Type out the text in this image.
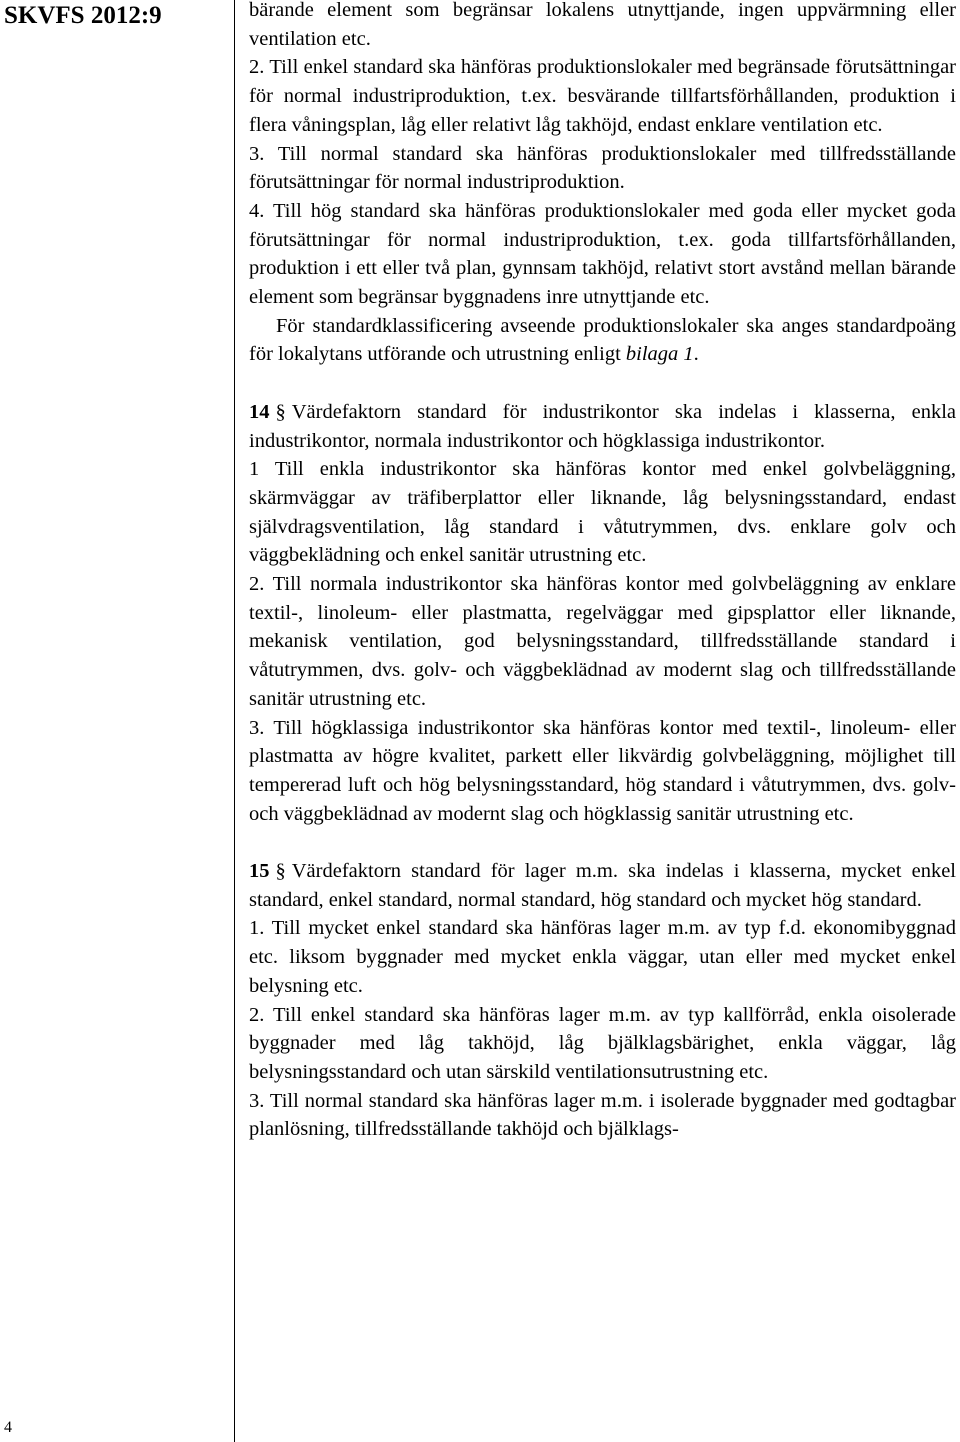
SKVFS 2012:9
4

bärande element som begränsar lokalens utnyttjande, ingen uppvärmning eller ventilation etc.

2. Till enkel standard ska hänföras produktionslokaler med begränsade förutsättningar för normal industriproduktion, t.ex. besvärande tillfartsförhållanden, produktion i flera våningsplan, låg eller relativt låg takhöjd, endast enklare ventilation etc.

3. Till normal standard ska hänföras produktionslokaler med tillfredsställande förutsättningar för normal industriproduktion.

4. Till hög standard ska hänföras produktionslokaler med goda eller mycket goda förutsättningar för normal industriproduktion, t.ex. goda tillfartsförhållanden, produktion i ett eller två plan, gynnsam takhöjd, relativt stort avstånd mellan bärande element som begränsar byggnadens inre utnyttjande etc.

För standardklassificering avseende produktionslokaler ska anges standardpoäng för lokalytans utförande och utrustning enligt bilaga 1.

14 § Värdefaktorn standard för industrikontor ska indelas i klasserna, enkla industrikontor, normala industrikontor och högklassiga industrikontor.

1 Till enkla industrikontor ska hänföras kontor med enkel golvbeläggning, skärmväggar av träfiberplattor eller liknande, låg belysningsstandard, endast självdragsventilation, låg standard i våtutrymmen, dvs. enklare golv och väggbeklädning och enkel sanitär utrustning etc.

2. Till normala industrikontor ska hänföras kontor med golvbeläggning av enklare textil-, linoleum- eller plastmatta, regelväggar med gipsplattor eller liknande, mekanisk ventilation, god belysningsstandard, tillfredsställande standard i våtutrymmen, dvs. golv- och väggbeklädnad av modernt slag och tillfredsställande sanitär utrustning etc.

3. Till högklassiga industrikontor ska hänföras kontor med textil-, linoleum- eller plastmatta av högre kvalitet, parkett eller likvärdig golvbeläggning, möjlighet till tempererad luft och hög belysningsstandard, hög standard i våtutrymmen, dvs. golv- och väggbeklädnad av modernt slag och högklassig sanitär utrustning etc.

15 § Värdefaktorn standard för lager m.m. ska indelas i klasserna, mycket enkel standard, enkel standard, normal standard, hög standard och mycket hög standard.

1. Till mycket enkel standard ska hänföras lager m.m. av typ f.d. ekonomibyggnad etc. liksom byggnader med mycket enkla väggar, utan eller med mycket enkel belysning etc.

2. Till enkel standard ska hänföras lager m.m. av typ kallförråd, enkla oisolerade byggnader med låg takhöjd, låg bjälklagsbärighet, enkla väggar, låg belysningsstandard och utan särskild ventilationsutrustning etc.

3. Till normal standard ska hänföras lager m.m. i isolerade byggnader med godtagbar planlösning, tillfredsställande takhöjd och bjälklags-
